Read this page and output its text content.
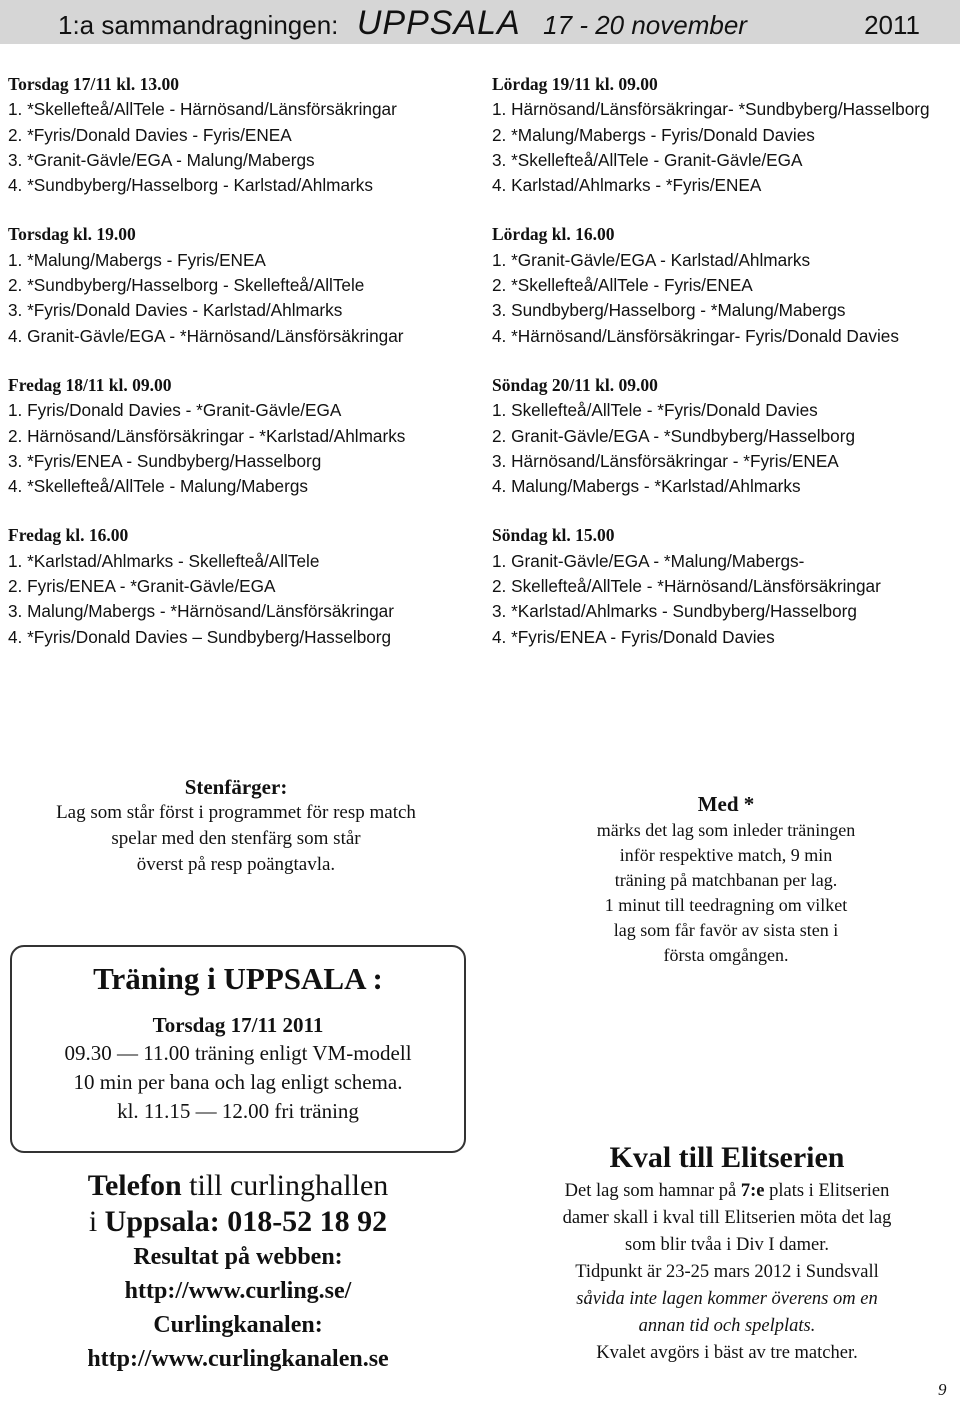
1:a sammandragningen: UPPSALA 17 - 20 november	2011
Torsdag 17/11 kl. 13.00
1. *Skellefteå/AllTele - Härnösand/Länsförsäkringar
2. *Fyris/Donald Davies - Fyris/ENEA
3. *Granit-Gävle/EGA - Malung/Mabergs
4. *Sundbyberg/Hasselborg - Karlstad/Ahlmarks
Torsdag kl. 19.00
1. *Malung/Mabergs - Fyris/ENEA
2. *Sundbyberg/Hasselborg - Skellefteå/AllTele
3. *Fyris/Donald Davies - Karlstad/Ahlmarks
4. Granit-Gävle/EGA - *Härnösand/Länsförsäkringar
Fredag 18/11 kl. 09.00
1. Fyris/Donald Davies - *Granit-Gävle/EGA
2. Härnösand/Länsförsäkringar - *Karlstad/Ahlmarks
3. *Fyris/ENEA - Sundbyberg/Hasselborg
4. *Skellefteå/AllTele - Malung/Mabergs
Fredag kl. 16.00
1. *Karlstad/Ahlmarks - Skellefteå/AllTele
2. Fyris/ENEA - *Granit-Gävle/EGA
3. Malung/Mabergs - *Härnösand/Länsförsäkringar
4. *Fyris/Donald Davies – Sundbyberg/Hasselborg
Lördag 19/11 kl. 09.00
1. Härnösand/Länsförsäkringar- *Sundbyberg/Hasselborg
2. *Malung/Mabergs - Fyris/Donald Davies
3. *Skellefteå/AllTele - Granit-Gävle/EGA
4. Karlstad/Ahlmarks - *Fyris/ENEA
Lördag kl. 16.00
1. *Granit-Gävle/EGA - Karlstad/Ahlmarks
2. *Skellefteå/AllTele - Fyris/ENEA
3. Sundbyberg/Hasselborg - *Malung/Mabergs
4. *Härnösand/Länsförsäkringar- Fyris/Donald Davies
Söndag 20/11 kl. 09.00
1. Skellefteå/AllTele - *Fyris/Donald Davies
2. Granit-Gävle/EGA - *Sundbyberg/Hasselborg
3. Härnösand/Länsförsäkringar - *Fyris/ENEA
4. Malung/Mabergs - *Karlstad/Ahlmarks
Söndag kl. 15.00
1. Granit-Gävle/EGA - *Malung/Mabergs-
2. Skellefteå/AllTele - *Härnösand/Länsförsäkringar
3. *Karlstad/Ahlmarks - Sundbyberg/Hasselborg
4. *Fyris/ENEA - Fyris/Donald Davies
Stenfärger:
Lag som står först i programmet för resp match
spelar med den stenfärg som står
överst på resp poängtavla.
Med *
märks det lag som inleder träningen
inför respektive match, 9 min
träning på matchbanan per lag.
1 minut till teedragning om vilket
lag som får favör av sista sten i
första omgången.
Träning i UPPSALA :
Torsdag 17/11 2011
09.30 — 11.00 träning enligt VM-modell
10 min per bana och lag enligt schema.
kl. 11.15 — 12.00 fri träning
Telefon till curlinghallen
i Uppsala: 018-52 18 92
Resultat på webben:
http://www.curling.se/
Curlingkanalen:
http://www.curlingkanalen.se
Kval till Elitserien
Det lag som hamnar på 7:e plats i Elitserien
damer skall i kval till Elitserien möta det lag
som blir tvåa i Div I damer.
Tidpunkt är 23-25 mars 2012 i Sundsvall
såvida inte lagen kommer överens om en
annan tid och spelplats.
Kvalet avgörs i bäst av tre matcher.
9
